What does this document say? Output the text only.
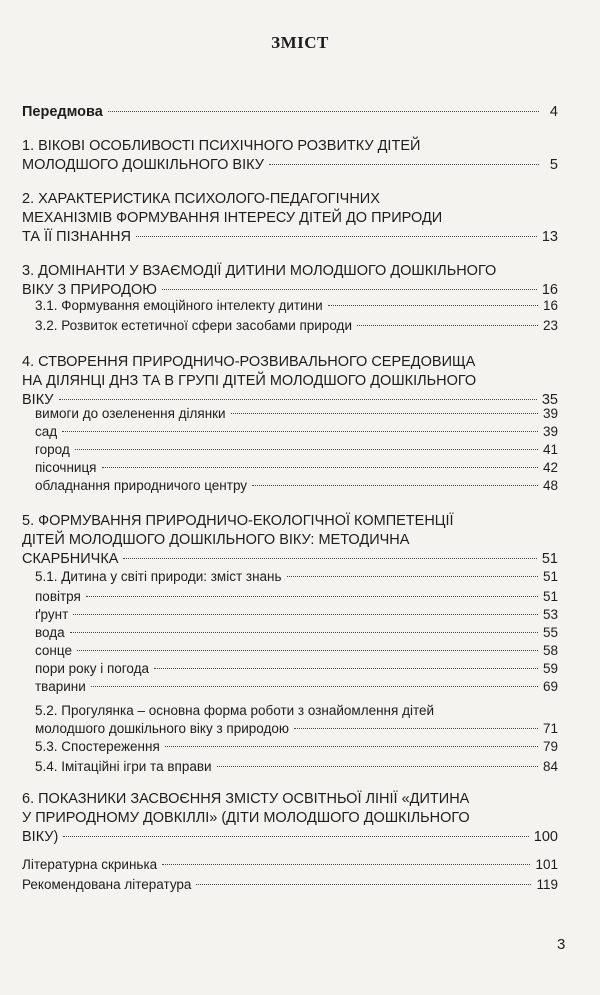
ЗМІСТ
Передмова	4
1. ВІКОВІ ОСОБЛИВОСТІ ПСИХІЧНОГО РОЗВИТКУ ДІТЕЙ
МОЛОДШОГО ДОШКІЛЬНОГО ВІКУ	5
2. ХАРАКТЕРИСТИКА ПСИХОЛОГО-ПЕДАГОГІЧНИХ
МЕХАНІЗМІВ ФОРМУВАННЯ ІНТЕРЕСУ ДІТЕЙ ДО ПРИРОДИ
ТА ЇЇ ПІЗНАННЯ	13
3. ДОМІНАНТИ У ВЗАЄМОДІЇ ДИТИНИ МОЛОДШОГО ДОШКІЛЬНОГО
ВІКУ З ПРИРОДОЮ	16
3.1. Формування емоційного інтелекту дитини	16
3.2. Розвиток естетичної сфери засобами природи	23
4. СТВОРЕННЯ ПРИРОДНИЧО-РОЗВИВАЛЬНОГО СЕРЕДОВИЩА
НА ДІЛЯНЦІ ДНЗ ТА В ГРУПІ ДІТЕЙ МОЛОДШОГО ДОШКІЛЬНОГО
ВІКУ	35
вимоги до озеленення ділянки	39
сад	39
город	41
пісочниця	42
обладнання природничого центру	48
5. ФОРМУВАННЯ ПРИРОДНИЧО-ЕКОЛОГІЧНОЇ КОМПЕТЕНЦІЇ
ДІТЕЙ МОЛОДШОГО ДОШКІЛЬНОГО ВІКУ: МЕТОДИЧНА
СКАРБНИЧКА	51
5.1. Дитина у світі природи: зміст знань	51
повітря	51
ґрунт	53
вода	55
сонце	58
пори року і погода	59
тварини	69
5.2. Прогулянка – основна форма роботи з ознайомлення дітей
молодшого дошкільного віку з природою	71
5.3. Спостереження	79
5.4. Імітаційні ігри та вправи	84
6. ПОКАЗНИКИ ЗАСВОЄННЯ ЗМІСТУ ОСВІТНЬОЇ ЛІНІЇ «ДИТИНА
У ПРИРОДНОМУ ДОВКІЛЛІ» (ДІТИ МОЛОДШОГО ДОШКІЛЬНОГО
ВІКУ)	100
Літературна скринька	101
Рекомендована література	119
3
